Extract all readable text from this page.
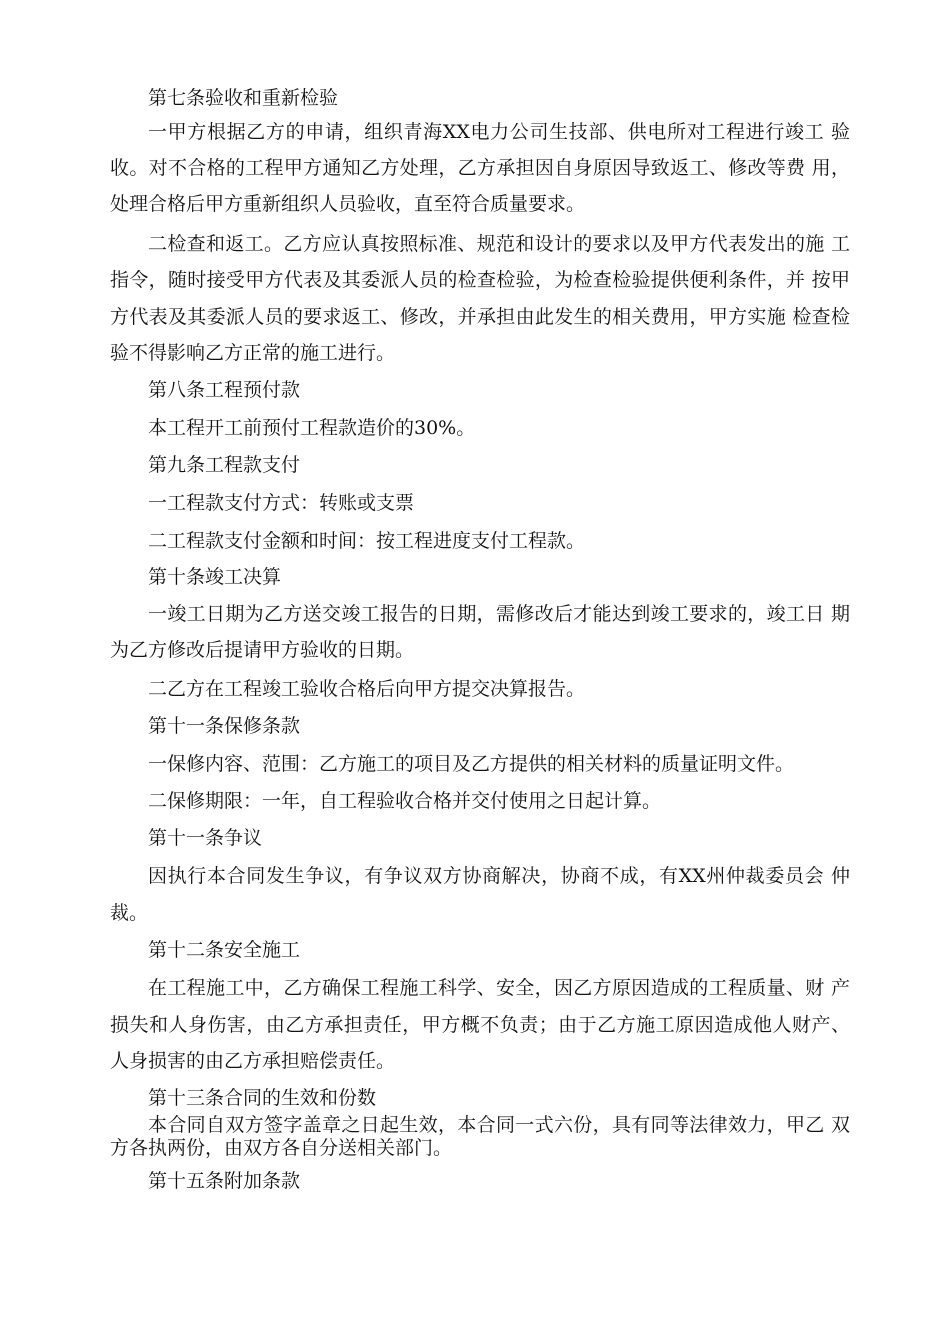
第七条验收和重新检验

一甲方根据乙方的申请，组织青海XX电力公司生技部、供电所对工程进行竣工 验

收。对不合格的工程甲方通知乙方处理，乙方承担因自身原因导致返工、修改等费 用，

处理合格后甲方重新组织人员验收，直至符合质量要求。

二检查和返工。乙方应认真按照标准、规范和设计的要求以及甲方代表发出的施 工

指令，随时接受甲方代表及其委派人员的检查检验，为检查检验提供便利条件，并 按甲

方代表及其委派人员的要求返工、修改，并承担由此发生的相关费用，甲方实施 检查检

验不得影响乙方正常的施工进行。

第八条工程预付款

本工程开工前预付工程款造价的30%。

第九条工程款支付

一工程款支付方式：转账或支票

二工程款支付金额和时间：按工程进度支付工程款。

第十条竣工决算

一竣工日期为乙方送交竣工报告的日期，需修改后才能达到竣工要求的，竣工日 期

为乙方修改后提请甲方验收的日期。

二乙方在工程竣工验收合格后向甲方提交决算报告。

第十一条保修条款

一保修内容、范围：乙方施工的项目及乙方提供的相关材料的质量证明文件。

二保修期限：一年，自工程验收合格并交付使用之日起计算。

第十一条争议

因执行本合同发生争议，有争议双方协商解决，协商不成，有XX州仲裁委员会 仲

裁。

第十二条安全施工

在工程施工中，乙方确保工程施工科学、安全，因乙方原因造成的工程质量、财 产

损失和人身伤害，由乙方承担责任，甲方概不负责；由于乙方施工原因造成他人财产、

人身损害的由乙方承担赔偿责任。

第十三条合同的生效和份数

本合同自双方签字盖章之日起生效，本合同一式六份，具有同等法律效力，甲乙 双

方各执两份，由双方各自分送相关部门。

第十五条附加条款
